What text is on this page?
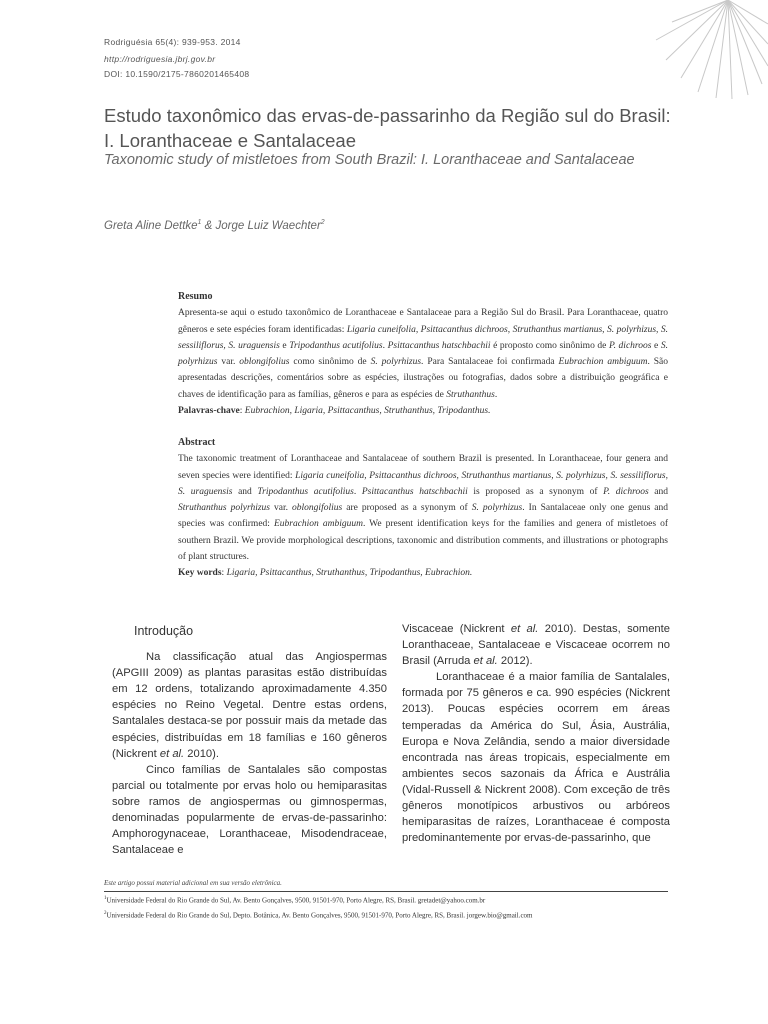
Rodriguésia 65(4): 939-953. 2014
http://rodriguesia.jbrj.gov.br
DOI: 10.1590/2175-7860201465408
Estudo taxonômico das ervas-de-passarinho da Região sul do Brasil:
I. Loranthaceae e Santalaceae
Taxonomic study of mistletoes from South Brazil: I. Loranthaceae and Santalaceae
Greta Aline Dettke$^1$ & Jorge Luiz Waechter$^2$
Resumo

Apresenta-se aqui o estudo taxonômico de Loranthaceae e Santalaceae para a Região Sul do Brasil. Para Loranthaceae, quatro gêneros e sete espécies foram identificadas: Ligaria cuneifolia, Psittacanthus dichroos, Struthanthus martianus, S. polyrhizus, S. sessiliflorus, S. uraguensis e Tripodanthus acutifolius. Psittacanthus hatschbachii é proposto como sinônimo de P. dichroos e S. polyrhizus var. oblongifolius como sinônimo de S. polyrhizus. Para Santalaceae foi confirmada Eubrachion ambiguum. São apresentadas descrições, comentários sobre as espécies, ilustrações ou fotografias, dados sobre a distribuição geográfica e chaves de identificação para as famílias, gêneros e para as espécies de Struthanthus.

Palavras-chave: Eubrachion, Ligaria, Psittacanthus, Struthanthus, Tripodanthus.

Abstract

The taxonomic treatment of Loranthaceae and Santalaceae of southern Brazil is presented. In Loranthaceae, four genera and seven species were identified: Ligaria cuneifolia, Psittacanthus dichroos, Struthanthus martianus, S. polyrhizus, S. sessiliflorus, S. uraguensis and Tripodanthus acutifolius. Psittacanthus hatschbachii is proposed as a synonym of P. dichroos and Struthanthus polyrhizus var. oblongifolius are proposed as a synonym of S. polyrhizus. In Santalaceae only one genus and species was confirmed: Eubrachion ambiguum. We present identification keys for the families and genera of mistletoes of southern Brazil. We provide morphological descriptions, taxonomic and distribution comments, and illustrations or photographs of plant structures.

Key words: Ligaria, Psittacanthus, Struthanthus, Tripodanthus, Eubrachion.

Introdução

Na classificação atual das Angiospermas (APGIII 2009) as plantas parasitas estão distribuídas em 12 ordens, totalizando aproximadamente 4.350 espécies no Reino Vegetal. Dentre estas ordens, Santalales destaca-se por possuir mais da metade das espécies, distribuídas em 18 famílias e 160 gêneros (Nickrent et al. 2010).

Cinco famílias de Santalales são compostas parcial ou totalmente por ervas holo ou hemiparasitas sobre ramos de angiospermas ou gimnospermas, denominadas popularmente de ervas-de-passarinho: Amphorogynaceae, Loranthaceae, Misodendraceae, Santalaceae e

Viscaceae (Nickrent et al. 2010). Destas, somente Loranthaceae, Santalaceae e Viscaceae ocorrem no Brasil (Arruda et al. 2012).

Loranthaceae é a maior família de Santalales, formada por 75 gêneros e ca. 990 espécies (Nickrent 2013). Poucas espécies ocorrem em áreas temperadas da América do Sul, Ásia, Austrália, Europa e Nova Zelândia, sendo a maior diversidade encontrada nas áreas tropicais, especialmente em ambientes secos sazonais da África e Austrália (Vidal-Russell & Nickrent 2008). Com exceção de três gêneros monotípicos arbustivos ou arbóreos hemiparasitas de raízes, Loranthaceae é composta predominantemente por ervas-de-passarinho, que

Este artigo possui material adicional em sua versão eletrônica.
$^1$Universidade Federal do Rio Grande do Sul, Av. Bento Gonçalves, 9500, 91501-970, Porto Alegre, RS, Brasil. gretadet@yahoo.com.br
$^2$Universidade Federal do Rio Grande do Sul, Depto. Botânica, Av. Bento Gonçalves, 9500, 91501-970, Porto Alegre, RS, Brasil. jorgew.bio@gmail.com
